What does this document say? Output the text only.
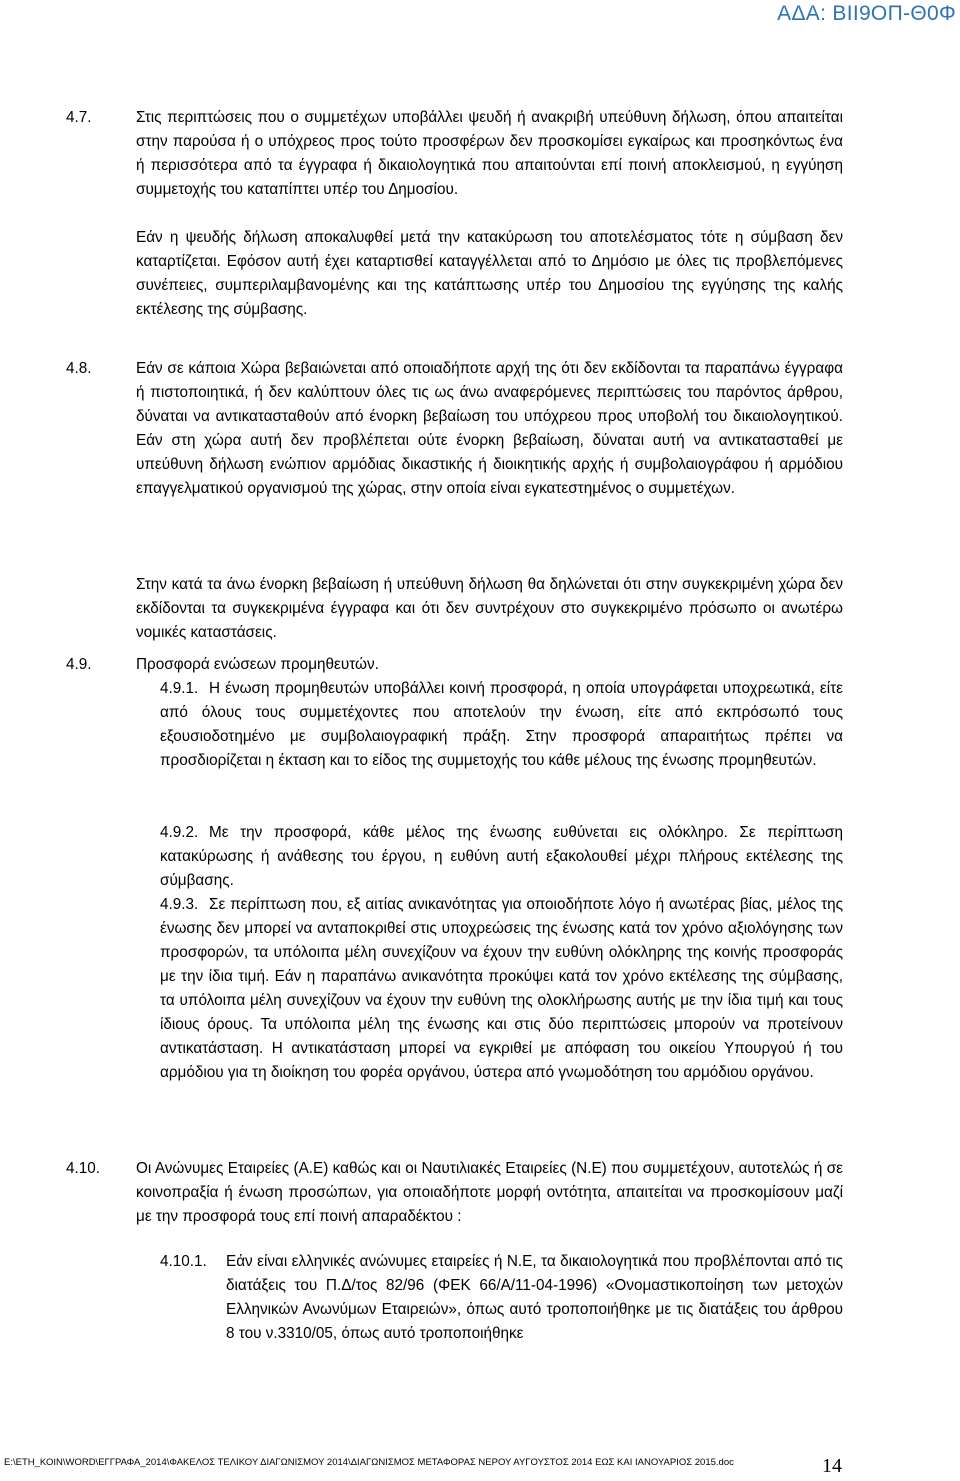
ΑΔΑ: ΒΙΙ9ΟΠ-Θ0Φ
4.7.	Στις περιπτώσεις που ο συμμετέχων υποβάλλει ψευδή ή ανακριβή υπεύθυνη δήλωση, όπου απαιτείται στην παρούσα ή ο υπόχρεος προς τούτο προσφέρων δεν προσκομίσει εγκαίρως και προσηκόντως ένα ή περισσότερα από τα έγγραφα ή δικαιολογητικά που απαιτούνται επί ποινή αποκλεισμού, η εγγύηση συμμετοχής του καταπίπτει υπέρ του Δημοσίου.

Εάν η ψευδής δήλωση αποκαλυφθεί μετά την κατακύρωση του αποτελέσματος τότε η σύμβαση δεν καταρτίζεται. Εφόσον αυτή έχει καταρτισθεί καταγγέλλεται από το Δημόσιο με όλες τις προβλεπόμενες συνέπειες, συμπεριλαμβανομένης και της κατάπτωσης υπέρ του Δημοσίου της εγγύησης της καλής εκτέλεσης της σύμβασης.

4.8.	Εάν σε κάποια Χώρα βεβαιώνεται από οποιαδήποτε αρχή της ότι δεν εκδίδονται τα παραπάνω έγγραφα ή πιστοποιητικά, ή δεν καλύπτουν όλες τις ως άνω αναφερόμενες περιπτώσεις του παρόντος άρθρου, δύναται να αντικατασταθούν από ένορκη βεβαίωση του υπόχρεου προς υποβολή του δικαιολογητικού. Εάν στη χώρα αυτή δεν προβλέπεται ούτε ένορκη βεβαίωση, δύναται αυτή να αντικατασταθεί με υπεύθυνη δήλωση ενώπιον αρμόδιας δικαστικής ή διοικητικής αρχής ή συμβολαιογράφου ή αρμόδιου επαγγελματικού οργανισμού της χώρας, στην οποία είναι εγκατεστημένος ο συμμετέχων.

Στην κατά τα άνω ένορκη βεβαίωση ή υπεύθυνη δήλωση θα δηλώνεται ότι στην συγκεκριμένη χώρα δεν εκδίδονται τα συγκεκριμένα έγγραφα και ότι δεν συντρέχουν στο συγκεκριμένο πρόσωπο οι ανωτέρω νομικές καταστάσεις.

4.9.	Προσφορά ενώσεων προμηθευτών.
4.9.1. Η ένωση προμηθευτών υποβάλλει κοινή προσφορά, η οποία υπογράφεται υποχρεωτικά, είτε από όλους τους συμμετέχοντες που αποτελούν την ένωση, είτε από εκπρόσωπό τους εξουσιοδοτημένο με συμβολαιογραφική πράξη. Στην προσφορά απαραιτήτως πρέπει να προσδιορίζεται η έκταση και το είδος της συμμετοχής του κάθε μέλους της ένωσης προμηθευτών.

4.9.2. Με την προσφορά, κάθε μέλος της ένωσης ευθύνεται εις ολόκληρο. Σε περίπτωση κατακύρωσης ή ανάθεσης του έργου, η ευθύνη αυτή εξακολουθεί μέχρι πλήρους εκτέλεσης της σύμβασης.

4.9.3. Σε περίπτωση που, εξ αιτίας ανικανότητας για οποιοδήποτε λόγο ή ανωτέρας βίας, μέλος της ένωσης δεν μπορεί να ανταποκριθεί στις υποχρεώσεις της ένωσης κατά τον χρόνο αξιολόγησης των προσφορών, τα υπόλοιπα μέλη συνεχίζουν να έχουν την ευθύνη ολόκληρης της κοινής προσφοράς με την ίδια τιμή. Εάν η παραπάνω ανικανότητα προκύψει κατά τον χρόνο εκτέλεσης της σύμβασης, τα υπόλοιπα μέλη συνεχίζουν να έχουν την ευθύνη της ολοκλήρωσης αυτής με την ίδια τιμή και τους ίδιους όρους. Τα υπόλοιπα μέλη της ένωσης και στις δύο περιπτώσεις μπορούν να προτείνουν αντικατάσταση. Η αντικατάσταση μπορεί να εγκριθεί με απόφαση του οικείου Υπουργού ή του αρμόδιου για τη διοίκηση του φορέα οργάνου, ύστερα από γνωμοδότηση του αρμόδιου οργάνου.

4.10. Οι Ανώνυμες Εταιρείες (Α.Ε) καθώς και οι Ναυτιλιακές Εταιρείες (Ν.Ε) που συμμετέχουν, αυτοτελώς ή σε κοινοπραξία ή ένωση προσώπων, για οποιαδήποτε μορφή οντότητα, απαιτείται να προσκομίσουν μαζί με την προσφορά τους επί ποινή απαραδέκτου :

4.10.1. Εάν είναι ελληνικές ανώνυμες εταιρείες ή Ν.Ε, τα δικαιολογητικά που προβλέπονται από τις διατάξεις του Π.Δ/τος 82/96 (ΦΕΚ 66/Α/11-04-1996) «Ονομαστικοποίηση των μετοχών Ελληνικών Ανωνύμων Εταιρειών», όπως αυτό τροποποιήθηκε με τις διατάξεις του άρθρου 8 του ν.3310/05, όπως αυτό τροποποιήθηκε

E:\ΕΤΗ_ΚΟΙΝ\WORD\ΕΓΓΡΑΦΑ_2014\ΦΑΚΕΛΟΣ ΤΕΛΙΚΟΥ ΔΙΑΓΩΝΙΣΜΟΥ 2014\ΔΙΑΓΩΝΙΣΜΟΣ ΜΕΤΑΦΟΡΑΣ ΝΕΡΟΥ ΑΥΓΟΥΣΤΟΣ 2014 ΕΩΣ ΚΑΙ ΙΑΝΟΥΑΡΙΟΣ 2015.doc	14
